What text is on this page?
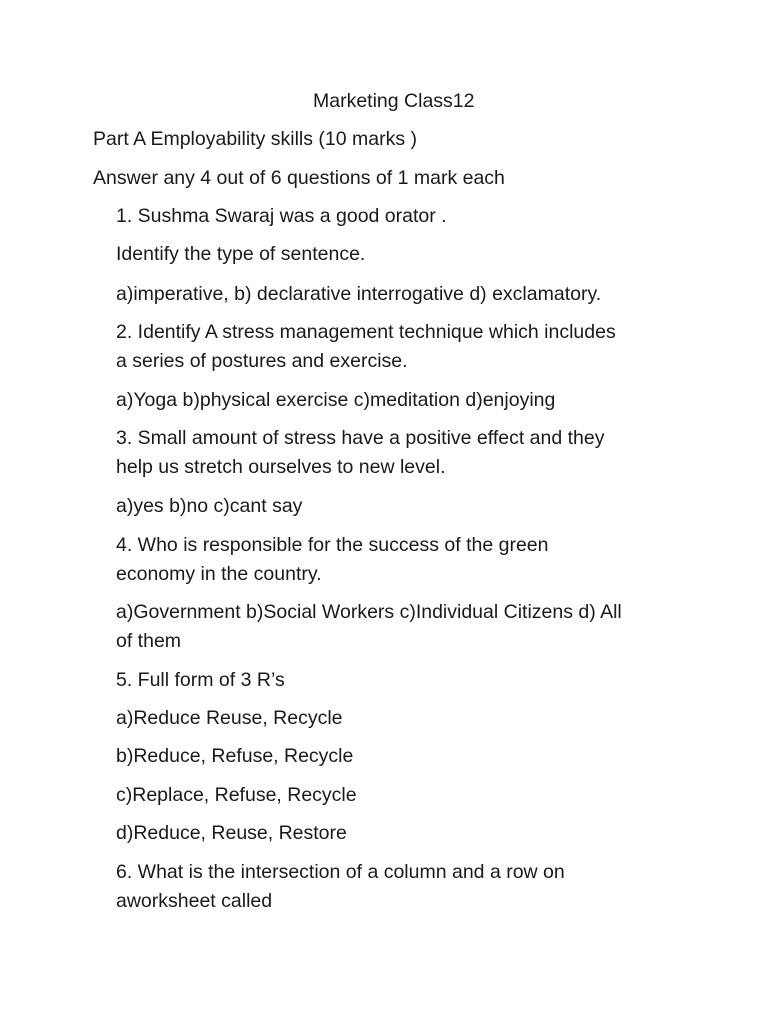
Marketing Class12

Part A Employability skills (10 marks )

Answer any 4 out of 6 questions of 1 mark each

1. Sushma Swaraj was a good orator .

Identify the type of sentence.

a)imperative, b) declarative interrogative d) exclamatory.

2. Identify A stress management technique which includes

a series of postures and exercise.

a)Yoga b)physical exercise c)meditation d)enjoying

3. Small amount of stress have a positive effect and they

help us stretch ourselves to new level.

a)yes b)no c)cant say

4. Who is responsible for the success of the green

economy in the country.

a)Government b)Social Workers c)Individual Citizens d) All

of them

5. Full form of 3 R’s

a)Reduce Reuse, Recycle

b)Reduce, Refuse, Recycle

c)Replace, Refuse, Recycle

d)Reduce, Reuse, Restore

6. What is the intersection of a column and a row on

aworksheet called
